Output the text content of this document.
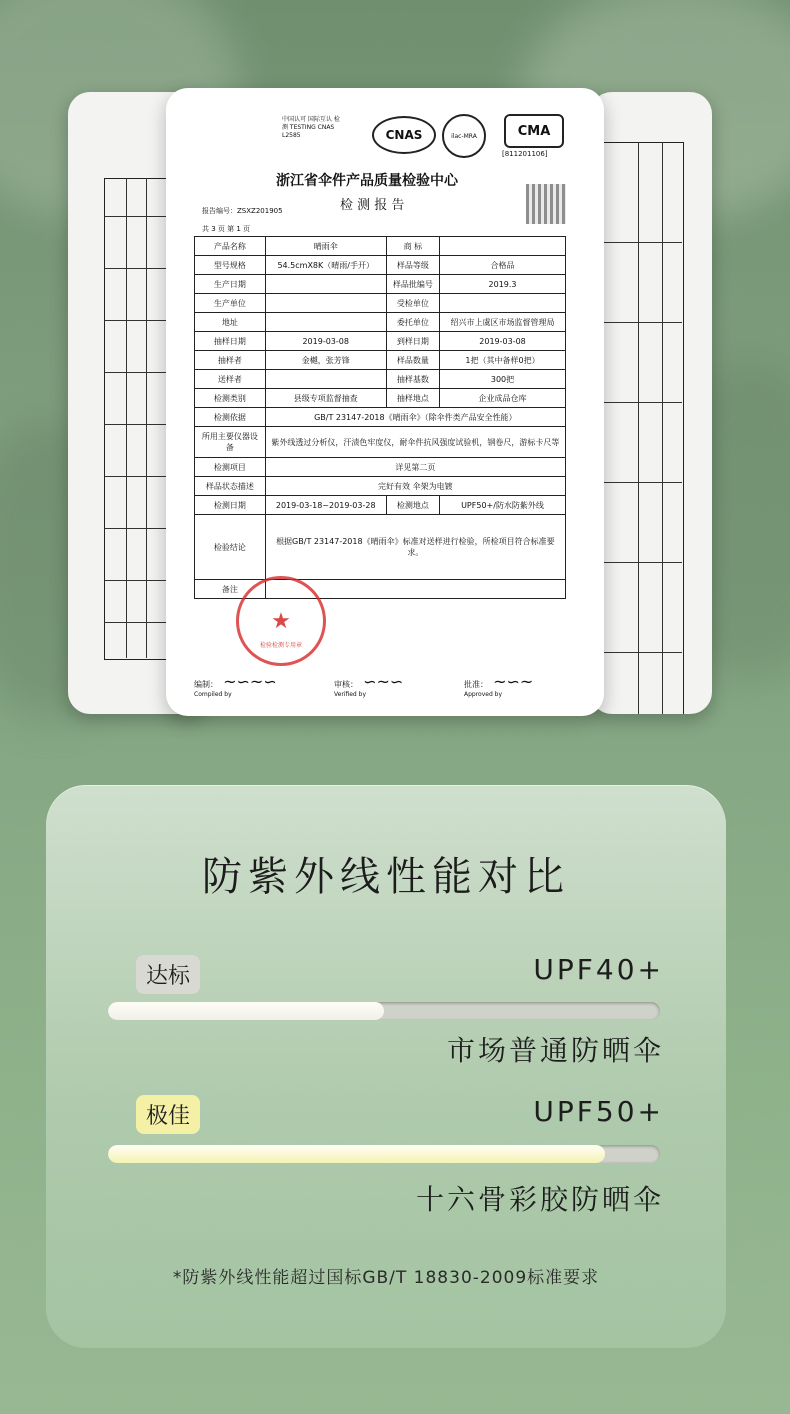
中国认可 国际互认 检测 TESTING CNAS L2585	CNAS	ilac-MRA	CMA
[811201106]
浙江省伞件产品质量检验中心
检 测 报 告
报告编号：ZSXZ201905
共 3 页 第 1 页
产品名称	晴雨伞	商 标	
型号规格	54.5cmX8K（晴雨/手开）	样品等级	合格品
生产日期		样品批编号	2019.3
生产单位		受检单位	
地址		委托单位	绍兴市上虞区市场监督管理局
抽样日期	2019-03-08	到样日期	2019-03-08
抽样者	金樾，张芳锋	样品数量	1把（其中备样0把）
送样者		抽样基数	300把
检测类别	县级专项监督抽查	抽样地点	企业成品仓库
检测依据	GB/T 23147-2018《晴雨伞》（除伞件类产品安全性能）		
所用主要仪器设备	紫外线透过分析仪，汗渍色牢度仪，耐伞件抗风强度试验机，钢卷尺，游标卡尺等		
检测项目	详见第二页		
样品状态描述	完好有效 伞架为电镀		
检测日期	2019-03-18~2019-03-28	检测地点	UPF50+/防水防紫外线
检验结论	根据GB/T 23147-2018《晴雨伞》标准对送样进行检验，所检项目符合标准要求。		
备注			
★
检验检测专用章
批准： ~∽~
Approved by
审核： ∽~∽
Verified by
编制： ~∽~∽
Compiled by
防紫外线性能对比
达标	UPF40+
市场普通防晒伞
极佳	UPF50+
十六骨彩胶防晒伞
*防紫外线性能超过国标GB/T 18830-2009标准要求
